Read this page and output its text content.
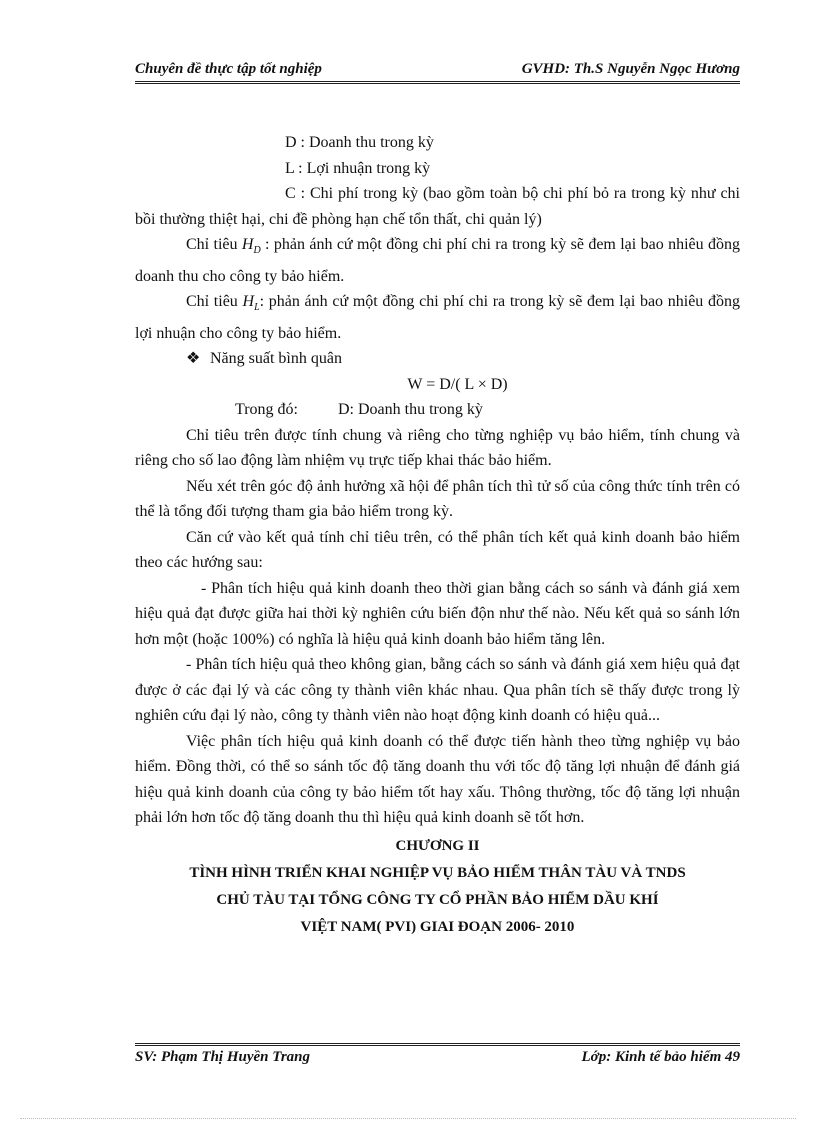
Chuyên đề thực tập tốt nghiệp	GVHD: Th.S Nguyễn Ngọc Hương

D : Doanh thu trong kỳ

L : Lợi nhuận trong kỳ

C : Chi phí trong kỳ (bao gồm toàn bộ chi phí bỏ ra trong kỳ như chi bồi thường thiệt hại, chi đề phòng hạn chế tổn thất, chi quản lý)

Chỉ tiêu $H_D$ : phản ánh cứ một đồng chi phí chi ra trong kỳ sẽ đem lại bao nhiêu đồng doanh thu cho công ty bảo hiểm.

Chỉ tiêu $H_L$: phản ánh cứ một đồng chi phí chi ra trong kỳ sẽ đem lại bao nhiêu đồng lợi nhuận cho công ty bảo hiểm.

❖ Năng suất bình quân

W = D/( L × D)

Trong đó:	D: Doanh thu trong kỳ

Chỉ tiêu trên được tính chung và riêng cho từng nghiệp vụ bảo hiểm, tính chung và riêng cho số lao động làm nhiệm vụ trực tiếp khai thác bảo hiểm.

Nếu xét trên góc độ ảnh hưởng xã hội để phân tích thì tử số của công thức tính trên có thể là tổng đối tượng tham gia bảo hiểm trong kỳ.

Căn cứ vào kết quả tính chỉ tiêu trên, có thể phân tích kết quả kinh doanh bảo hiểm theo các hướng sau:

- Phân tích hiệu quả kinh doanh theo thời gian bằng cách so sánh và đánh giá xem hiệu quả đạt được giữa hai thời kỳ nghiên cứu biến độn như thế nào. Nếu kết quả so sánh lớn hơn một (hoặc 100%) có nghĩa là hiệu quả kinh doanh bảo hiểm tăng lên.

- Phân tích hiệu quả theo không gian, bằng cách so sánh và đánh giá xem hiệu quả đạt được ở các đại lý và các công ty thành viên khác nhau. Qua phân tích sẽ thấy được trong lỳ nghiên cứu đại lý nào, công ty thành viên nào hoạt động kinh doanh có hiệu quả...

Việc phân tích hiệu quả kinh doanh có thể được tiến hành theo từng nghiệp vụ bảo hiểm. Đồng thời, có thể so sánh tốc độ tăng doanh thu với tốc độ tăng lợi nhuận để đánh giá hiệu quả kinh doanh của công ty bảo hiểm tốt hay xấu. Thông thường, tốc độ tăng lợi nhuận phải lớn hơn tốc độ tăng doanh thu thì hiệu quả kinh doanh sẽ tốt hơn.

CHƯƠNG II
TÌNH HÌNH TRIỂN KHAI NGHIỆP VỤ BẢO HIỂM THÂN TÀU VÀ TNDS
CHỦ TÀU TẠI TỔNG CÔNG TY CỔ PHẦN BẢO HIỂM DẦU KHÍ
VIỆT NAM( PVI) GIAI ĐOẠN 2006- 2010
SV: Phạm Thị Huyền Trang	Lớp: Kinh tế bảo hiểm 49
